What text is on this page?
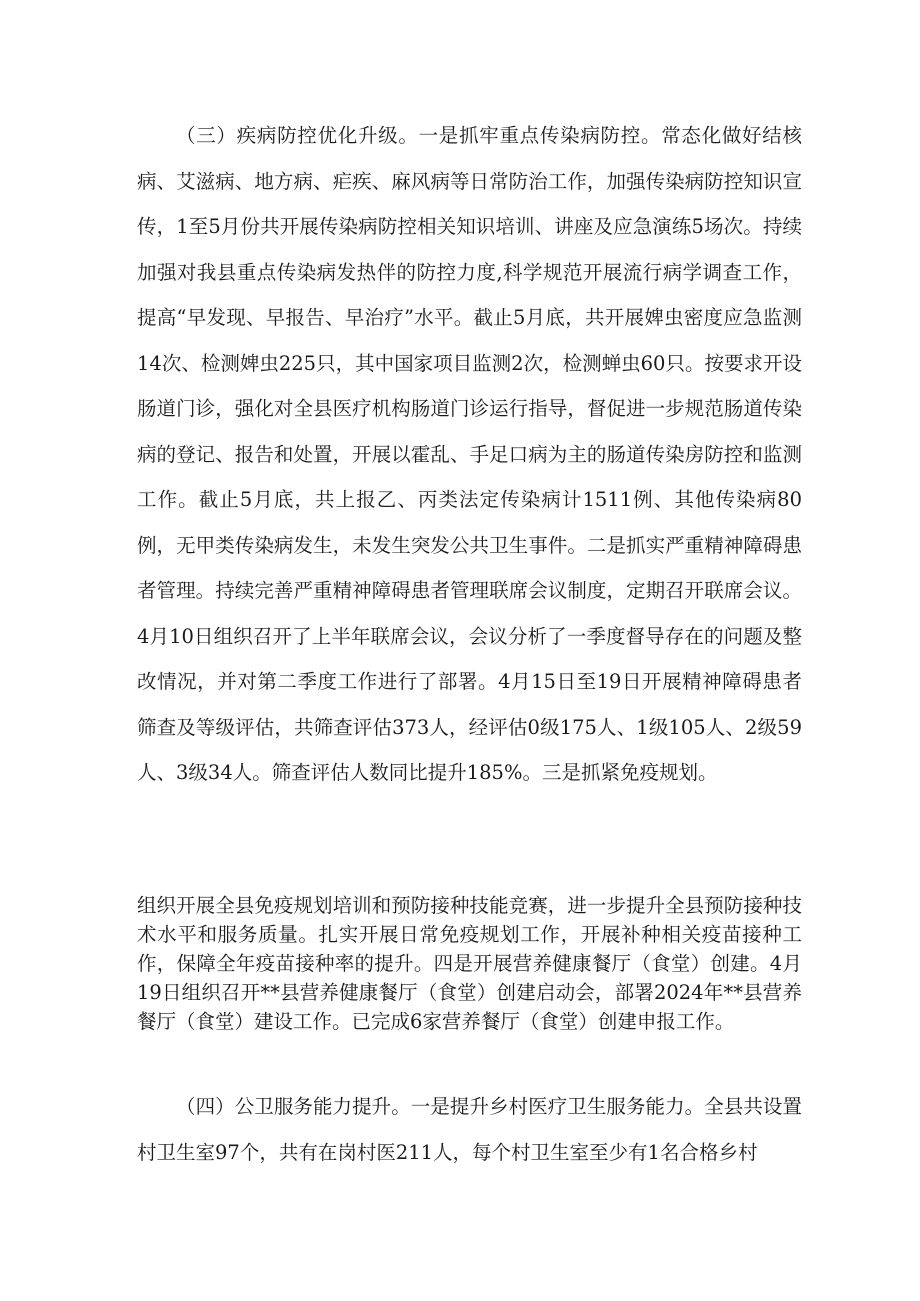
（三）疾病防控优化升级。一是抓牢重点传染病防控。常态化做好结核病、艾滋病、地方病、疟疾、麻风病等日常防治工作，加强传染病防控知识宣传，1至5月份共开展传染病防控相关知识培训、讲座及应急演练5场次。持续加强对我县重点传染病发热伴的防控力度,科学规范开展流行病学调查工作，提高“早发现、早报告、早治疗”水平。截止5月底，共开展婢虫密度应急监测14次、检测婢虫225只，其中国家项目监测2次，检测蝉虫60只。按要求开设肠道门诊，强化对全县医疗机构肠道门诊运行指导，督促进一步规范肠道传染病的登记、报告和处置，开展以霍乱、手足口病为主的肠道传染房防控和监测工作。截止5月底，共上报乙、丙类法定传染病计1511例、其他传染病80例，无甲类传染病发生，未发生突发公共卫生事件。二是抓实严重精神障碍患者管理。持续完善严重精神障碍患者管理联席会议制度，定期召开联席会议。4月10日组织召开了上半年联席会议，会议分析了一季度督导存在的问题及整改情况，并对第二季度工作进行了部署。4月15日至19日开展精神障碍患者筛查及等级评估，共筛查评估373人，经评估0级175人、1级105人、2级59人、3级34人。筛查评估人数同比提升185%。三是抓紧免疫规划。

组织开展全县免疫规划培训和预防接种技能竞赛，进一步提升全县预防接种技术水平和服务质量。扎实开展日常免疫规划工作，开展补种相关疫苗接种工作，保障全年疫苗接种率的提升。四是开展营养健康餐厅（食堂）创建。4月19日组织召开**县营养健康餐厅（食堂）创建启动会，部署2024年**县营养餐厅（食堂）建设工作。已完成6家营养餐厅（食堂）创建申报工作。

（四）公卫服务能力提升。一是提升乡村医疗卫生服务能力。全县共设置村卫生室97个，共有在岗村医211人，每个村卫生室至少有1名合格乡村
